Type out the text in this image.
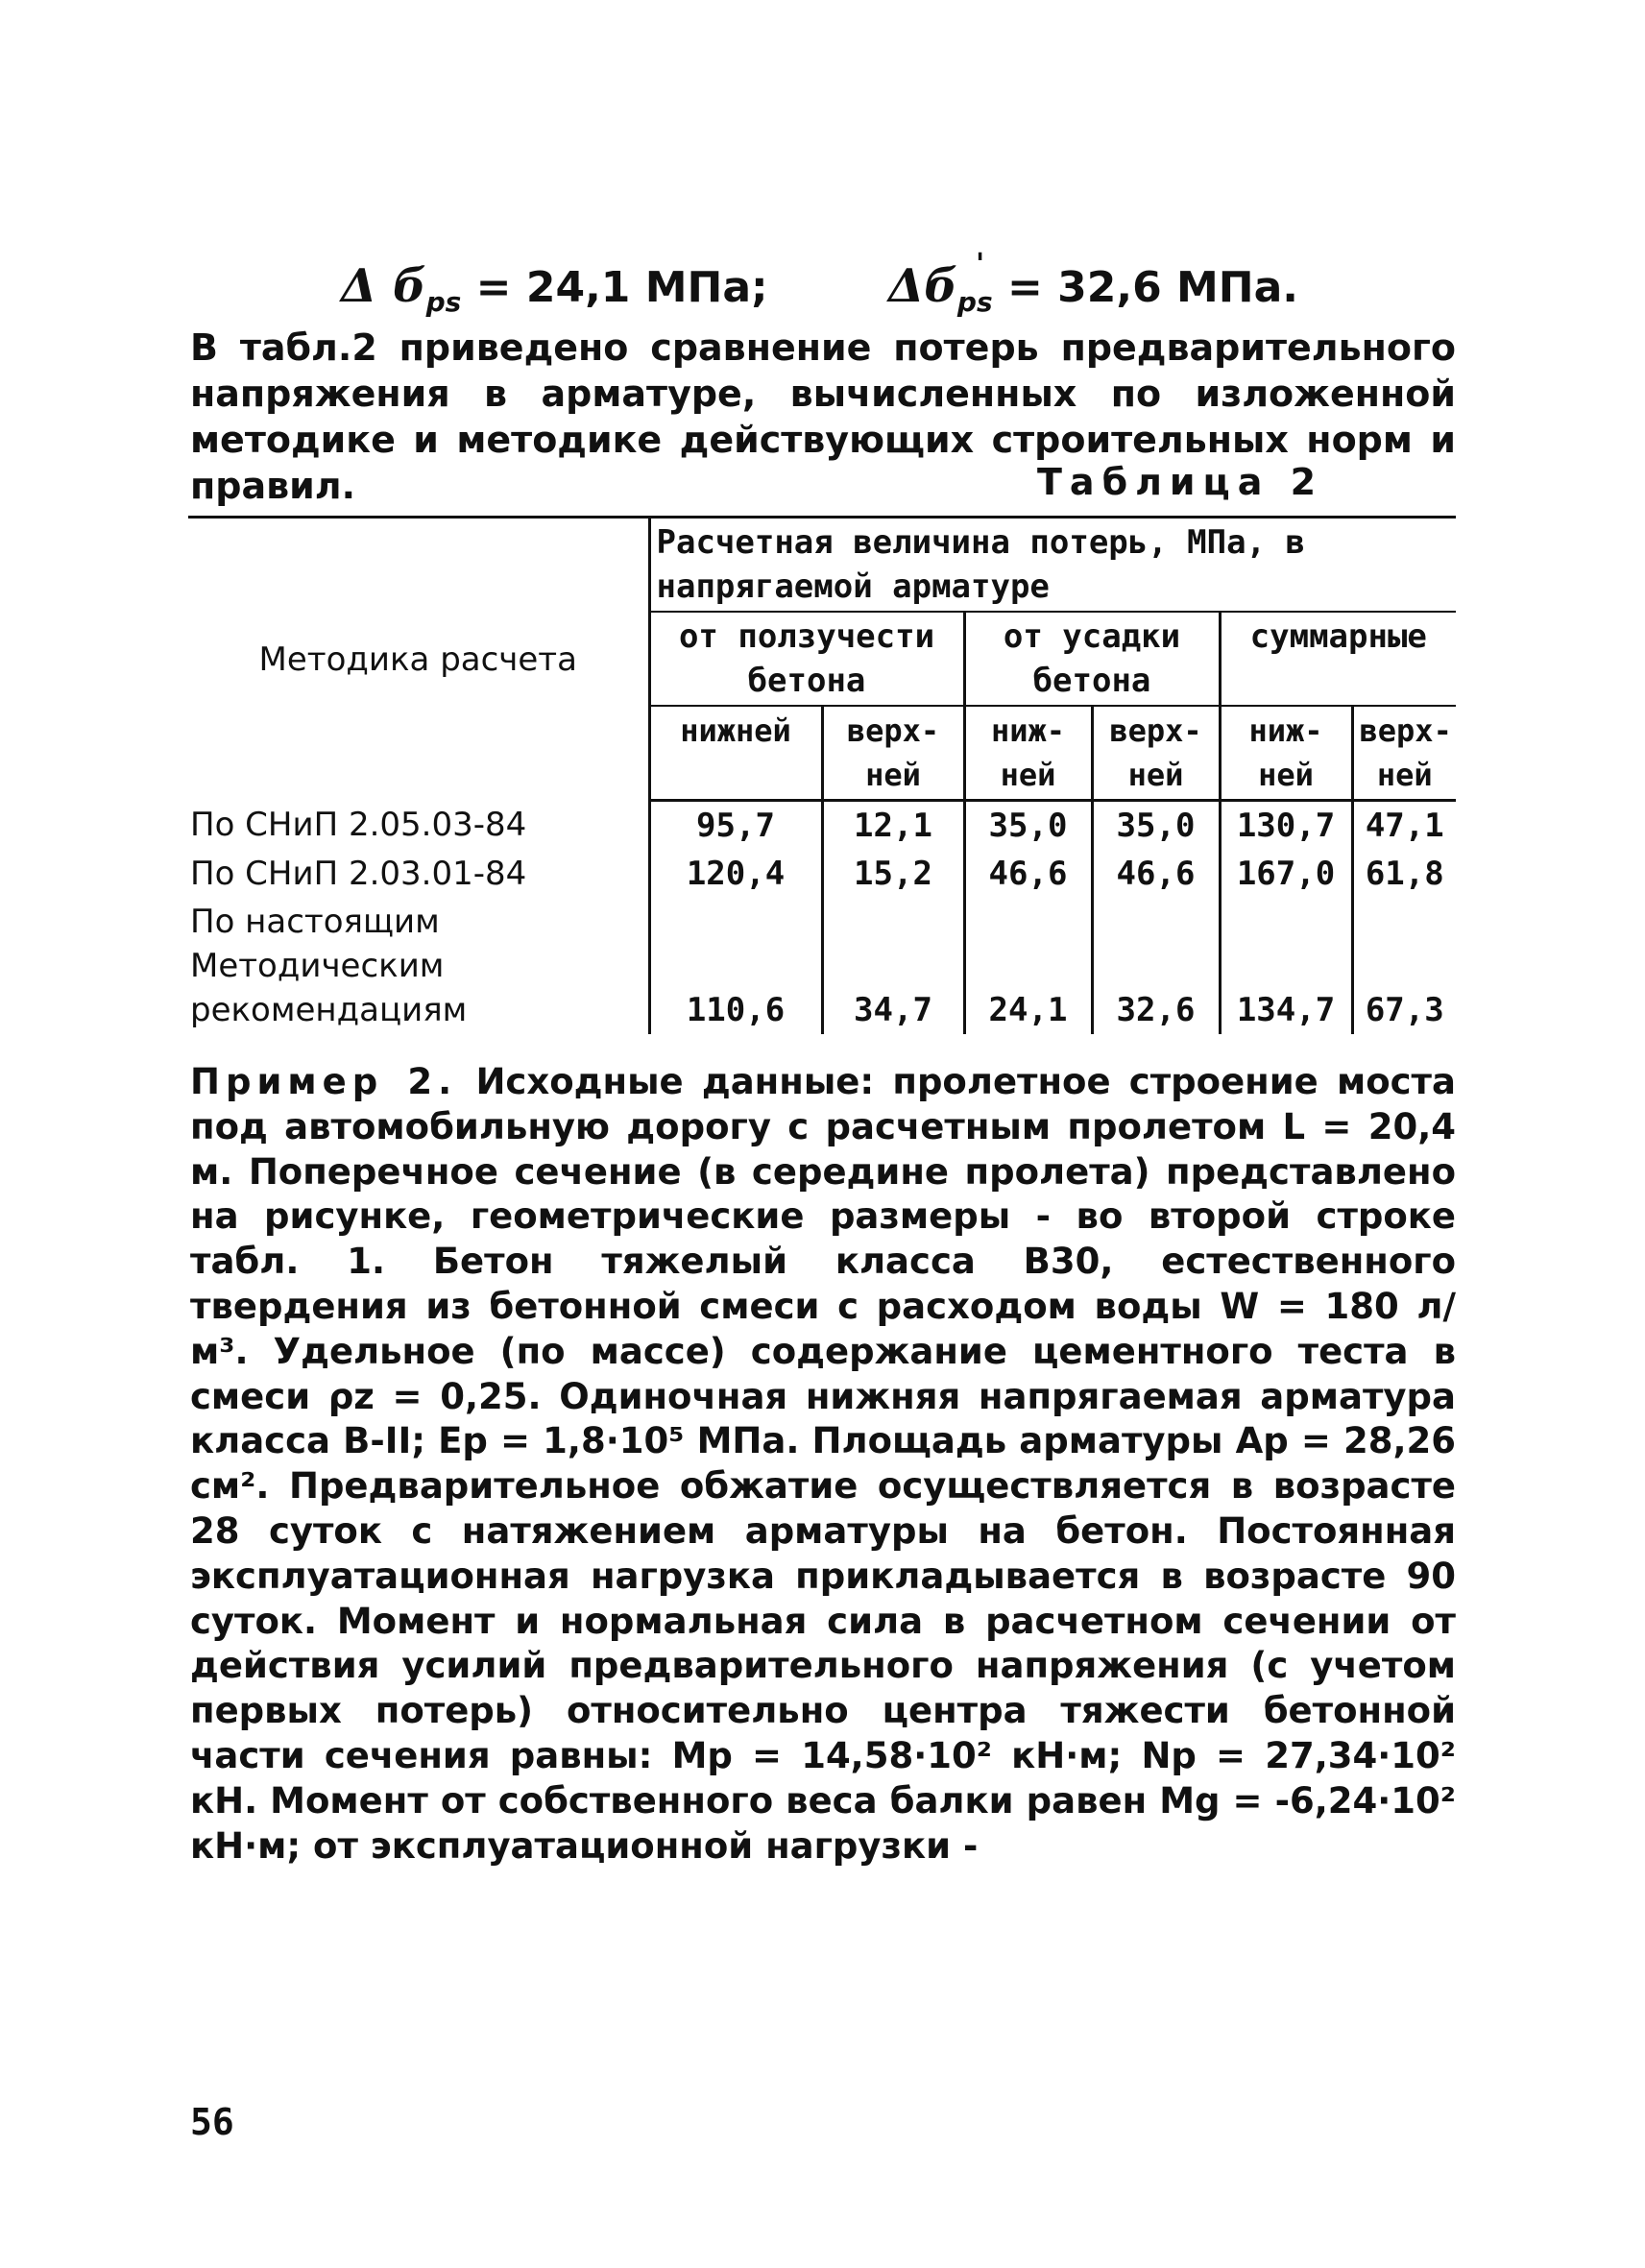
Δ $б_{ps} = 24,1$ МПа;	$\Delta б_{ps} = 32,6$ МПа.
'

В табл.2 приведено сравнение потерь предварительного напряжения в арматуре, вычисленных по изложенной методике и методике действующих строительных норм и правил.	Таблица 2
Методика расчета	Расчетная величина потерь, МПа, в напрягаемой арматуре					
	от ползучести бетона		от усадки бетона		суммарные	
	нижней	верх-ней	ниж-ней	верх-ней	ниж-ней	верх-ней
По СНиП 2.05.03-84	95,7	12,1	35,0	35,0	130,7	47,1
По СНиП 2.03.01-84	120,4	15,2	46,6	46,6	167,0	61,8
По настоящим Методическим рекомендациям	110,6	34,7	24,1	32,6	134,7	67,3

Пример 2. Исходные данные: пролетное строение моста под автомобильную дорогу с расчетным пролетом L = 20,4 м. Поперечное сечение (в середине пролета) представлено на рисунке, геометрические размеры - во второй строке табл. 1. Бетон тяжелый класса В30, естественного твердения из бетонной смеси с расходом воды W = 180 л/м³. Удельное (по массе) содержание цементного теста в смеси ρz = 0,25. Одиночная нижняя напрягаемая арматура класса В-II; Ep = 1,8·10⁵ МПа. Площадь арматуры Ap = 28,26 см². Предварительное обжатие осуществляется в возрасте 28 суток с натяжением арматуры на бетон. Постоянная эксплуатационная нагрузка прикладывается в возрасте 90 суток. Момент и нормальная сила в расчетном сечении от действия усилий предварительного напряжения (с учетом первых потерь) относительно центра тяжести бетонной части сечения равны: Mp = 14,58·10² кН·м; Np = 27,34·10² кН. Момент от собственного веса балки равен Mg = -6,24·10² кН·м; от эксплуатационной нагрузки -

56
